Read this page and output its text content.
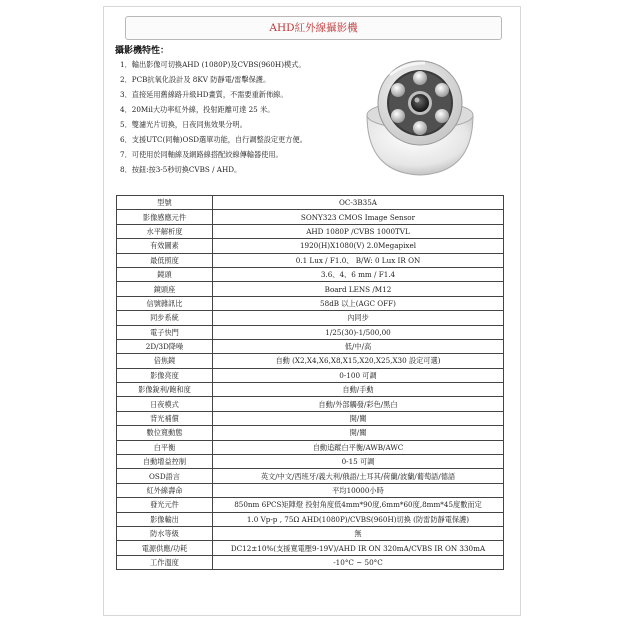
AHD紅外線攝影機
攝影機特性：
1．輸出影像可切換AHD (1080P)及CVBS(960H)模式。
2．PCB抗氧化設計及 8KV 防靜電/雷擊保護。
3．直接延用舊線路升級HD畫質，不需要重新佈線。
4．20Mil大功率紅外線，投射距離可達 25 米。
5．雙濾光片切換，日夜同焦效果分明。
6．支援UTC(同軸)OSD選單功能，自行調整設定更方便。
7．可使用於同軸線及網路線搭配絞線傳輸器使用。
8．按鈕:按3-5秒切換CVBS / AHD。
型號	OC-3B35A
影像感應元件	SONY323 CMOS Image Sensor
水平解析度	AHD 1080P /CVBS 1000TVL
有效圖素	1920(H)X1080(V) 2.0Megapixel
最低照度	0.1 Lux / F1.0、 B/W: 0 Lux IR ON
鏡頭	3.6、4、6 mm / F1.4
鏡頭座	Board LENS /M12
信號雜訊比	58dB 以上(AGC OFF)
同步系統	內同步
電子快門	1/25(30)-1/500,00
2D/3D降噪	低/中/高
倍焦鏡	自動 (X2,X4,X6,X8,X15,X20,X25,X30 設定可選)
影像亮度	0-100 可調
影像銳利/飽和度	自動/手動
日夜模式	自動/外部觸發/彩色/黑白
背光補償	開/關
數位寬動態	開/關
白平衡	自動追蹤白平衡/AWB/AWC
自動增益控制	0-15 可調
OSD語言	英文/中文/西班牙/義大利/俄語/土耳其/荷蘭/波蘭/葡萄語/德語
紅外線壽命	平均10000小時
發光元件	850nm 6PCS矩陣燈 投射角度低4mm*90度,6mm*60度,8mm*45度數而定
影像輸出	1.0 Vp-p , 75Ω AHD(1080P)/CVBS(960H)切換 (防雷防靜電保護)
防水等級	無
電源供應/功耗	DC12±10%(支援寬電壓9-19V)/AHD IR ON 320mA/CVBS IR ON 330mA
工作溫度	-10°C ~ 50°C
